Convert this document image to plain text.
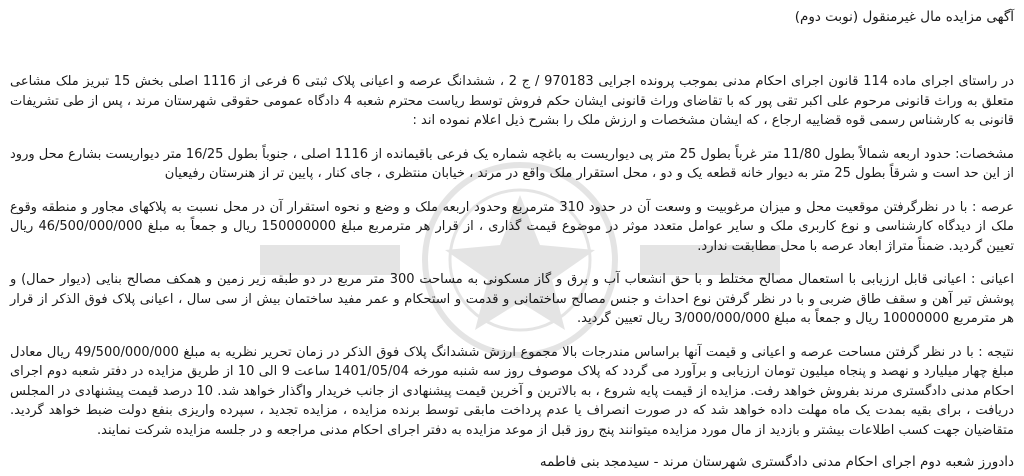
آگهی مزایده مال غیرمنقول (نوبت دوم)

در راستای اجرای ماده 114 قانون اجرای احکام مدنی بموجب پرونده اجرایی 970183 / ج 2 ، ششدانگ عرصه و اعیانی پلاک ثبتی 6 فرعی از 1116 اصلی بخش 15 تبریز ملک مشاعی متعلق به وراث قانونی مرحوم علی اکبر تقی پور که با تقاضای وراث قانونی ایشان حکم فروش توسط ریاست محترم شعبه 4 دادگاه عمومی حقوقی شهرستان مرند ، پس از طی تشریفات قانونی به کارشناس رسمی قوه قضاییه ارجاع ، که ایشان مشخصات و ارزش ملک را بشرح ذیل اعلام نموده اند :

مشخصات: حدود اربعه شمالاً بطول 11/80 متر غرباً بطول 25 متر پی دیواریست به باغچه شماره یک فرعی باقیمانده از 1116 اصلی ، جنوباً بطول 16/25 متر دیواریست بشارع محل ورود از این حد است و شرقاً بطول 25 متر به دیوار خانه قطعه یک و دو ، محل استقرار ملک واقع در مرند ، خیابان منتظری ، جای کنار ، پایین تر از هنرستان رفیعیان

عرصه : با در نظرگرفتن موقعیت محل و میزان مرغوبیت و وسعت آن در حدود 310 مترمربع وحدود اربعه ملک و وضع و نحوه استقرار آن در محل نسبت به پلاکهای مجاور و منطقه وقوع ملک از دیدگاه کارشناسی و نوع کاربری ملک و سایر عوامل متعدد موثر در موضوع قیمت گذاری ، از قرار هر مترمربع مبلغ 150000000 ریال و جمعاً به مبلغ 46/500/000/000 ریال تعیین گردید. ضمناً متراژ ابعاد عرصه با محل مطابقت ندارد.

اعیانی : اعیانی قابل ارزیابی با استعمال مصالح مختلط و با حق انشعاب آب و برق و گاز مسکونی به مساحت 300 متر مربع در دو طبقه زیر زمین و همکف مصالح بنایی (دیوار حمال) و پوشش تیر آهن و سقف طاق ضربی و با در نظر گرفتن نوع احداث و جنس مصالح ساختمانی و قدمت و استحکام و عمر مفید ساختمان بیش از سی سال ، اعیانی پلاک فوق الذکر از قرار هر مترمربع 10000000 ریال و جمعاً به مبلغ 3/000/000/000 ریال تعیین گردید.

نتیجه : با در نظر گرفتن مساحت عرصه و اعیانی و قیمت آنها براساس مندرجات بالا مجموع ارزش ششدانگ پلاک فوق الذکر در زمان تحریر نظریه به مبلغ 49/500/000/000 ریال معادل مبلغ چهار میلیارد و نهصد و پنجاه میلیون تومان ارزیابی و برآورد می گردد که پلاک موصوف روز سه شنبه مورخه 1401/05/04 ساعت 9 الی 10 از طریق مزایده در دفتر شعبه دوم اجرای احکام مدنی دادگستری مرند بفروش خواهد رفت. مزایده از قیمت پایه شروع ، به بالاترین و آخرین قیمت پیشنهادی از جانب خریدار واگذار خواهد شد. 10 درصد قیمت پیشنهادی در المجلس دریافت ، برای بقیه بمدت یک ماه مهلت داده خواهد شد که در صورت انصراف یا عدم پرداخت مابقی توسط برنده مزایده ، مزایده تجدید ، سپرده واریزی بنفع دولت ضبط خواهد گردید. متقاضیان جهت کسب اطلاعات بیشتر و بازدید از مال مورد مزایده میتوانند پنج روز قبل از موعد مزایده به دفتر اجرای احکام مدنی مراجعه و در جلسه مزایده شرکت نمایند.

دادورز شعبه دوم اجرای احکام مدنی دادگستری شهرستان مرند - سیدمجد بنی فاطمه
